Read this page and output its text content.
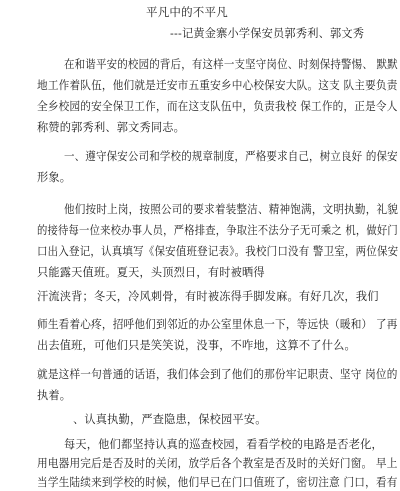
平凡中的不平凡
---记黄金寨小学保安员郭秀利、郭文秀
在和谐平安的校园的背后，有这样一支坚守岗位、时刻保持警惕、 默默
地工作着队伍，他们就是迁安市五重安乡中心校保安大队。这支 队主要负责
全乡校园的安全保卫工作，而在这支队伍中，负责我校 保工作的，正是令人
称赞的郭秀利、郭文秀同志。
一、遵守保安公司和学校的规章制度，严格要求自己，树立良好 的保安
形象。
他们按时上岗，按照公司的要求着装整洁、精神饱满，文明执勤，礼貌
的接待每一位来校办事人员，严格排查，争取注不法分子无可乘之 机，做好门
口出入登记，认真填写《保安值班登记表》。我校门口没有 警卫室，两位保安
只能露天值班。夏天，头顶烈日，有时被晒得
汗流浃背；冬天，冷风刺骨，有时被冻得手脚发麻。有好几次，我们
师生看着心疼，招呼他们到邻近的办公室里休息一下，等远快（暖和） 了再
出去值班，可他们只是笑笑说，没事，不咋地，这算不了什么。
就是这样一句普通的话语，我们体会到了他们的那份牢记职责、坚守 岗位的
执着。
、认真执勤，严查隐患，保校园平安。
每天，他们都坚持认真的巡查校园，看看学校的电路是否老化，
用电器用完后是否及时的关闭，放学后各个教室是否及时的关好门窗。 早上
当学生陆续来到学校的时候，他们早已在门口值班了，密切注意 门口，看有
